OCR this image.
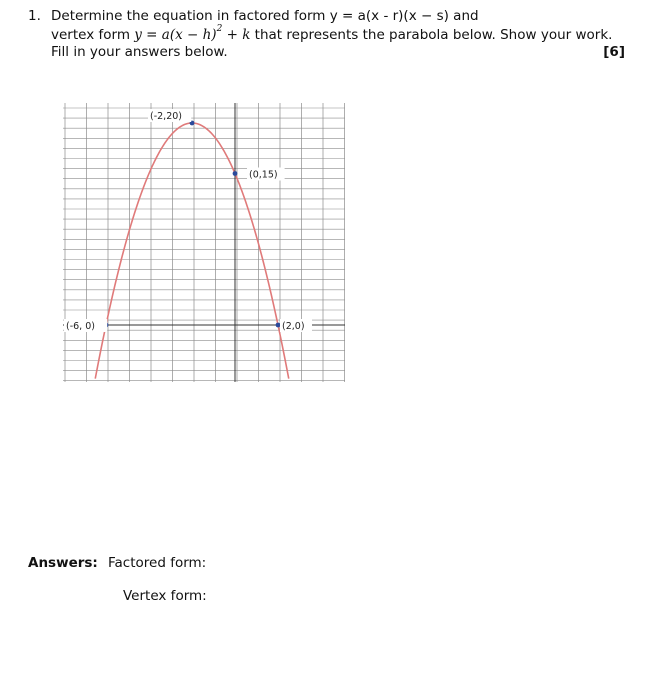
1. Determine the equation in factored form y = a(x - r)(x − s) and
vertex form $y = a(x - h)^2 + k$ that represents the parabola below. Show your work.
Fill in your answers below.	[6]
(-2,20)
(0,15)
(-6, 0)	(2,0)
Answers: Factored form:
Vertex form:
